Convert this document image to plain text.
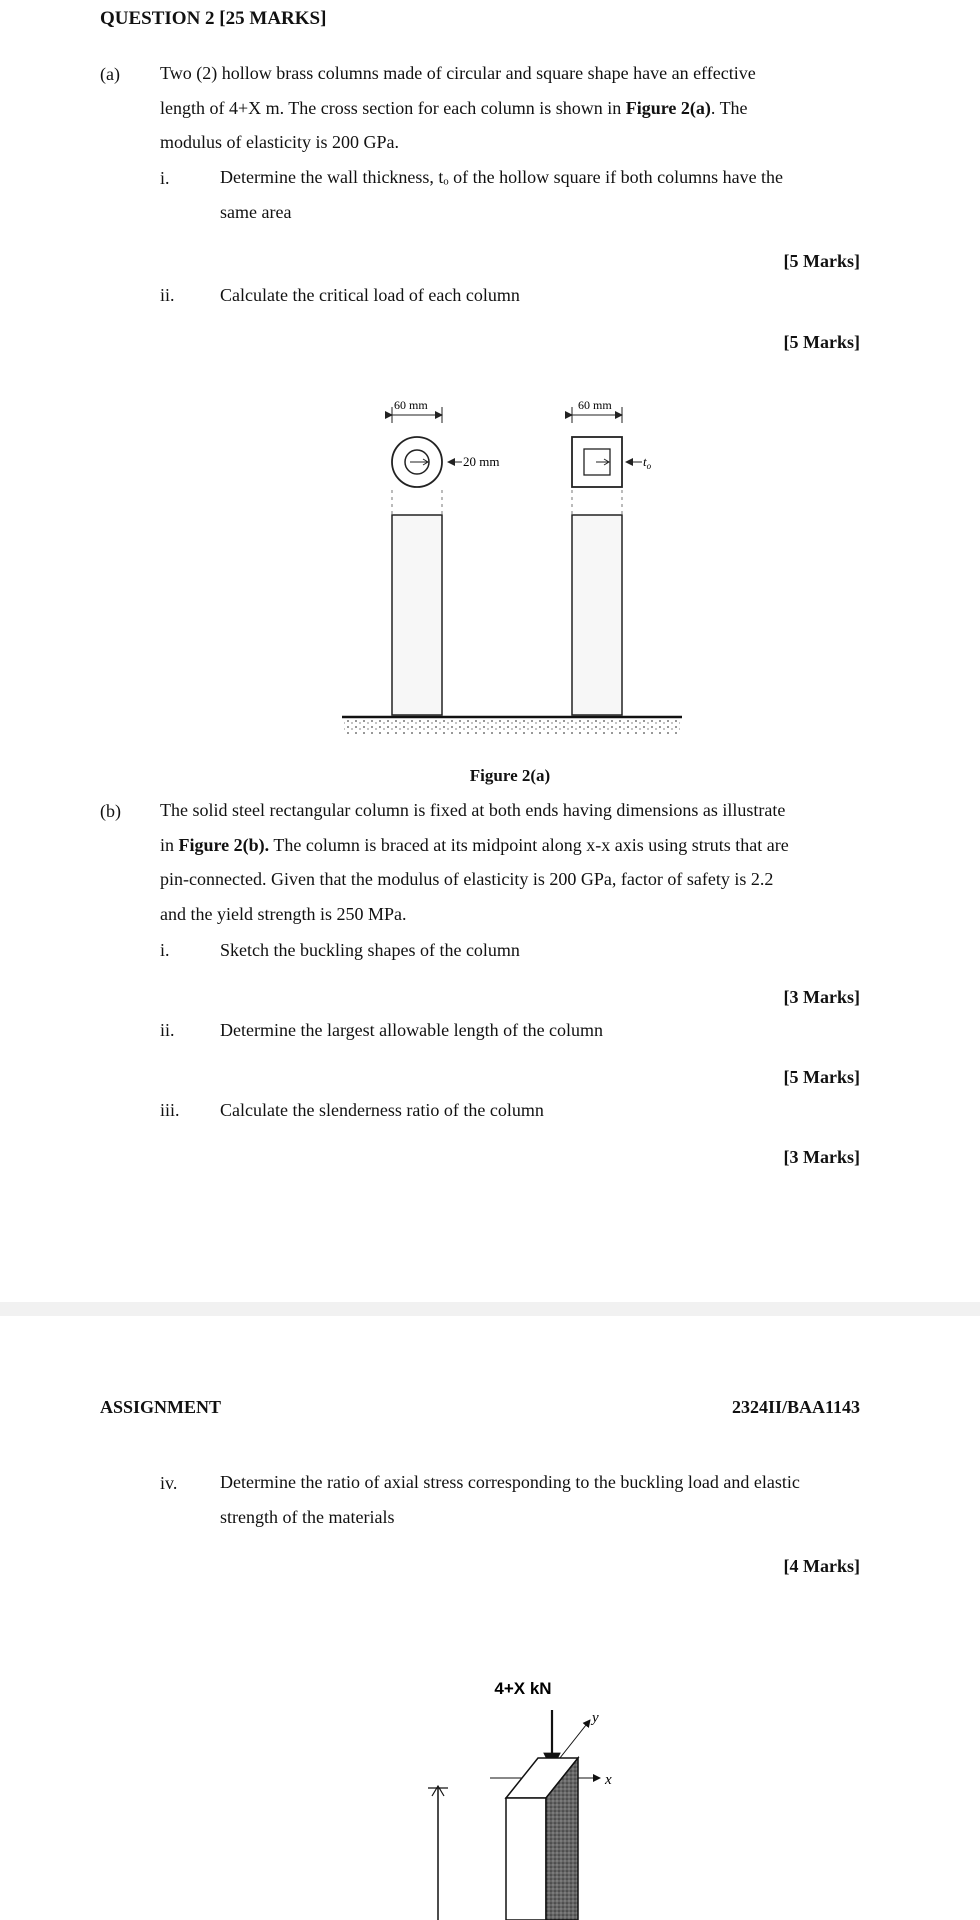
QUESTION 2 [25 MARKS]
(a) Two (2) hollow brass columns made of circular and square shape have an effective
length of 4+X m. The cross section for each column is shown in Figure 2(a). The
modulus of elasticity is 200 GPa.
i.	Determine the wall thickness, tₒ of the hollow square if both columns have the
same area
[5 Marks]
ii.	Calculate the critical load of each column
[5 Marks]
60 mm
20 mm
60 mm
$t_o$
Figure 2(a)
(b) The solid steel rectangular column is fixed at both ends having dimensions as illustrate
in Figure 2(b). The column is braced at its midpoint along x-x axis using struts that are
pin-connected. Given that the modulus of elasticity is 200 GPa, factor of safety is 2.2
and the yield strength is 250 MPa.
i.	Sketch the buckling shapes of the column
[3 Marks]
ii.	Determine the largest allowable length of the column
[5 Marks]
iii. Calculate the slenderness ratio of the column
[3 Marks]
ASSIGNMENT	2324II/BAA1143
iv. Determine the ratio of axial stress corresponding to the buckling load and elastic
strength of the materials
[4 Marks]
4+X kN
y
x
